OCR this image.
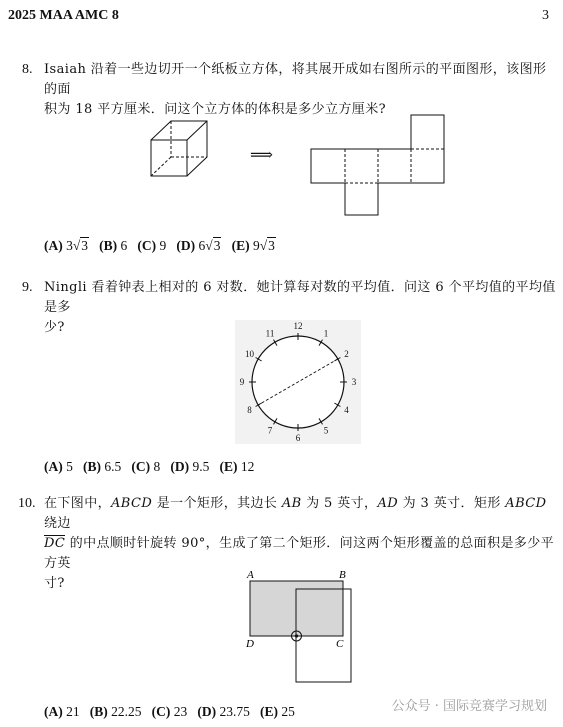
2025 MAA AMC 8	3
8. Isaiah 沿着一些边切开一个纸板立方体，将其展开成如右图所示的平面图形，该图形的面
积为 18 平方厘米．问这个立方体的体积是多少立方厘米?
⟹
(A) 3√3 (B) 6 (C) 9 (D) 6√3 (E) 9√3
9. Ningli 看着钟表上相对的 6 对数．她计算每对数的平均值．问这 6 个平均值的平均值是多
少?	12
1
2
3
4
5
6
7
8
9
10
11
(A) 5 (B) 6.5 (C) 8 (D) 9.5 (E) 12
10. 在下图中，ABCD 是一个矩形，其边长 AB 为 5 英寸，AD 为 3 英寸．矩形 ABCD 绕边
DC 的中点顺时针旋转 90°，生成了第二个矩形．问这两个矩形覆盖的总面积是多少平方英
寸?
A	B
C
D
(A) 21 (B) 22.25 (C) 23 (D) 23.75 (E) 25	公众号 · 国际竞赛学习规划
